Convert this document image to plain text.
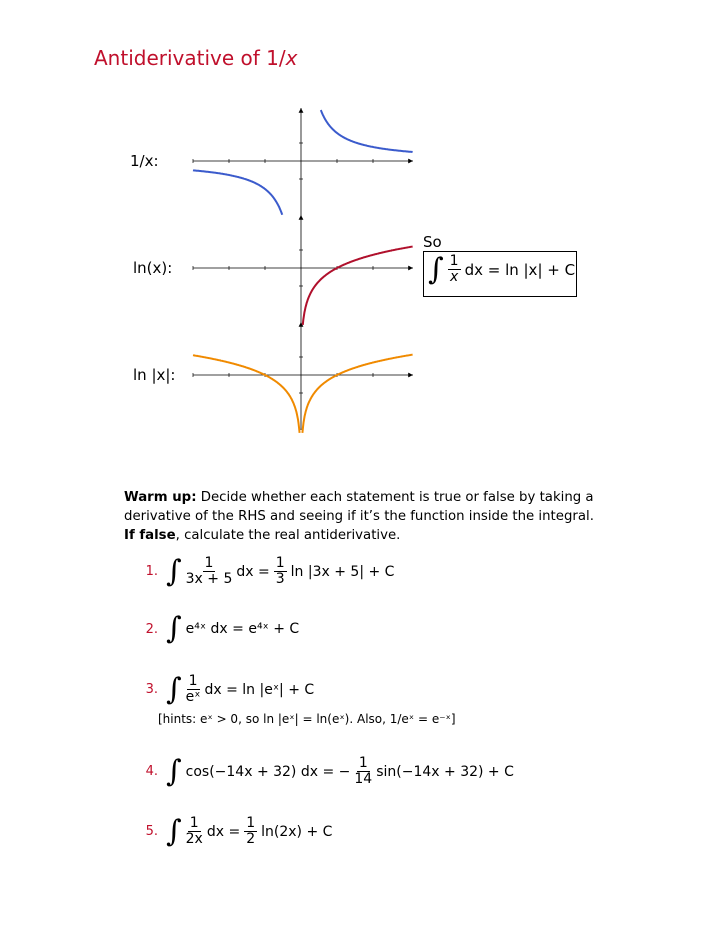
Antiderivative of 1/x
1/x:
ln(x):
ln |x|:
So
∫ $\frac{1}{x}$ dx = ln |x| + C
Warm up: Decide whether each statement is true or false by taking a derivative of the RHS and seeing if it’s the function inside the integral. If false, calculate the real antiderivative.
1. ∫ $\frac{1}{3x + 5}$ dx = $\frac{1}{3}$ ln |3x + 5| + C
2. ∫ e⁴ˣ dx = e⁴ˣ + C
3. ∫ $\frac{1}{\text{eˣ}}$ dx = ln |eˣ| + C
[hints: eˣ > 0, so ln |eˣ| = ln(eˣ). Also, 1/eˣ = e⁻ˣ]
4. ∫ cos(−14x + 32) dx = − $\frac{1}{14} \sin(-14x + 32) + C$
5. ∫ $\frac{1}{2x}$ dx = $\frac{1}{2} \ln(2x) + C$
